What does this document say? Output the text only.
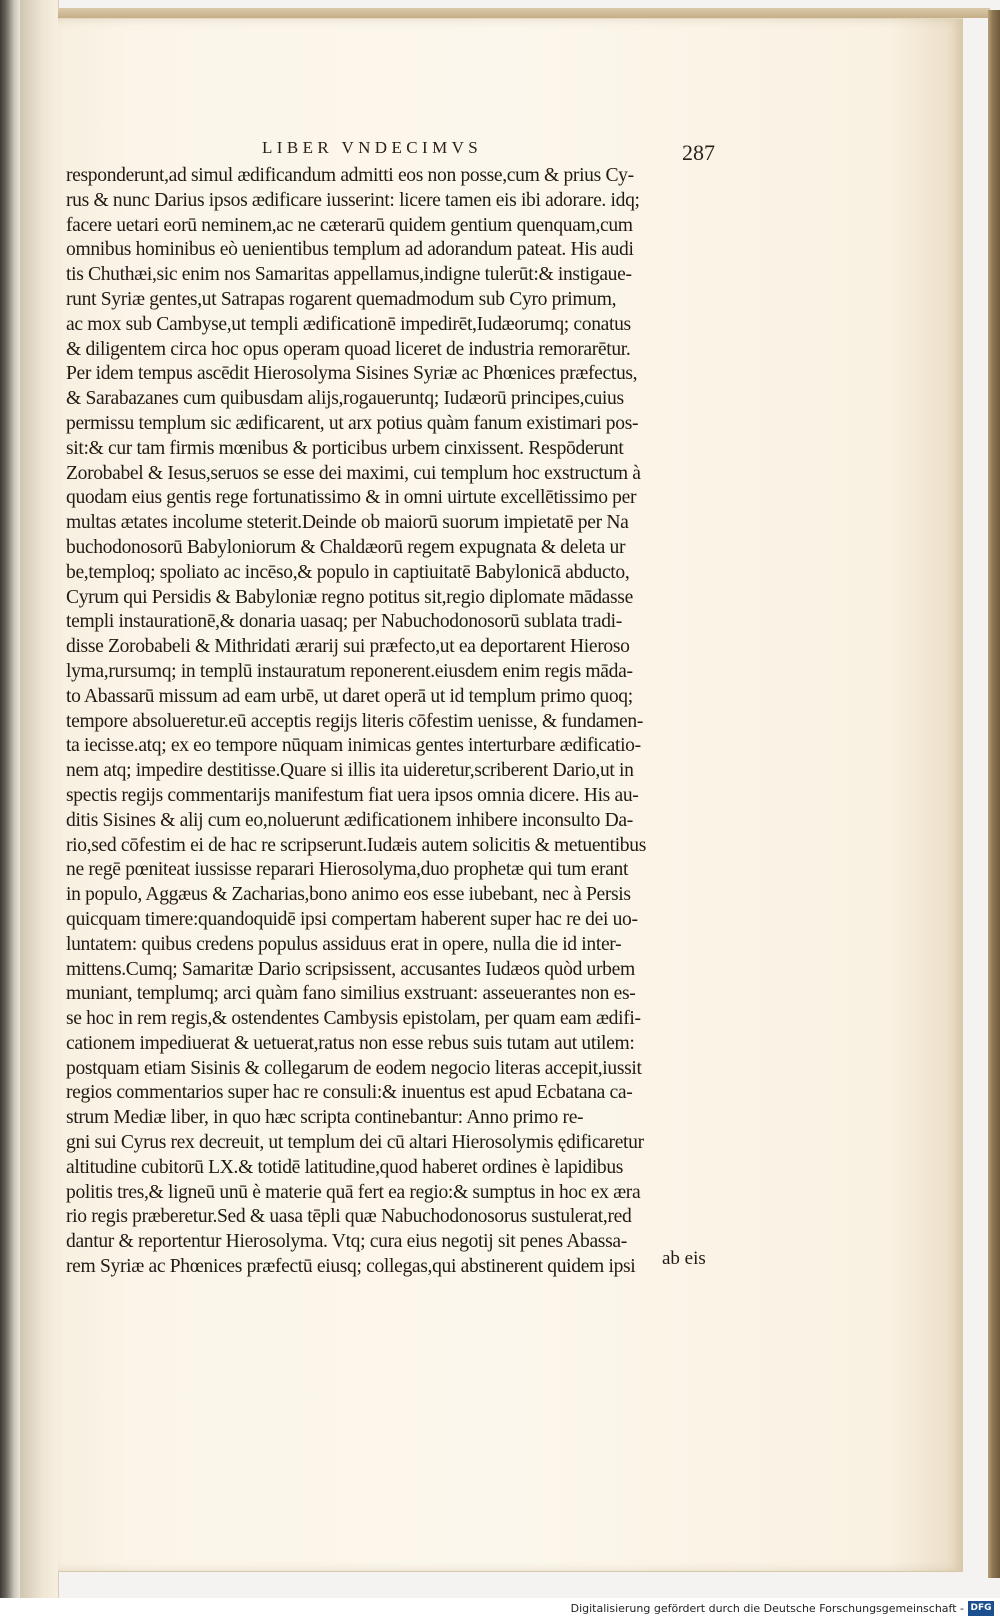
LIBER VNDECIMVS	287
responderunt,ad simul ædificandum admitti eos non posse,cum & prius Cy-
rus & nunc Darius ipsos ædificare iusserint: licere tamen eis ibi adorare. idq;
facere uetari eorū neminem,ac ne cæterarū quidem gentium quenquam,cum
omnibus hominibus eò uenientibus templum ad adorandum pateat. His audi
tis Chuthæi,sic enim nos Samaritas appellamus,indigne tulerūt:& instigaue-
runt Syriæ gentes,ut Satrapas rogarent quemadmodum sub Cyro primum,
ac mox sub Cambyse,ut templi ædificationē impedirēt,Iudæorumq; conatus
& diligentem circa hoc opus operam quoad liceret de industria remorarētur.
Per idem tempus ascēdit Hierosolyma Sisines Syriæ ac Phœnices præfectus,
& Sarabazanes cum quibusdam alijs,rogaueruntq; Iudæorū principes,cuius
permissu templum sic ædificarent, ut arx potius quàm fanum existimari pos-
sit:& cur tam firmis mœnibus & porticibus urbem cinxissent. Respōderunt
Zorobabel & Iesus,seruos se esse dei maximi, cui templum hoc exstructum à
quodam eius gentis rege fortunatissimo & in omni uirtute excellētissimo per
multas ætates incolume steterit.Deinde ob maiorū suorum impietatē per Na
buchodonosorū Babyloniorum & Chaldæorū regem expugnata & deleta ur
be,temploq; spoliato ac incēso,& populo in captiuitatē Babylonicā abducto,
Cyrum qui Persidis & Babyloniæ regno potitus sit,regio diplomate mādasse
templi instaurationē,& donaria uasaq; per Nabuchodonosorū sublata tradi-
disse Zorobabeli & Mithridati ærarij sui præfecto,ut ea deportarent Hieroso
lyma,rursumq; in templū instauratum reponerent.eiusdem enim regis māda-
to Abassarū missum ad eam urbē, ut daret operā ut id templum primo quoq;
tempore absolueretur.eū acceptis regijs literis cōfestim uenisse, & fundamen-
ta iecisse.atq; ex eo tempore nūquam inimicas gentes interturbare ædificatio-
nem atq; impedire destitisse.Quare si illis ita uideretur,scriberent Dario,ut in
spectis regijs commentarijs manifestum fiat uera ipsos omnia dicere. His au-
ditis Sisines & alij cum eo,noluerunt ædificationem inhibere inconsulto Da-
rio,sed cōfestim ei de hac re scripserunt.Iudæis autem solicitis & metuentibus
ne regē pœniteat iussisse reparari Hierosolyma,duo prophetæ qui tum erant
in populo, Aggæus & Zacharias,bono animo eos esse iubebant, nec à Persis
quicquam timere:quandoquidē ipsi compertam haberent super hac re dei uo-
luntatem: quibus credens populus assiduus erat in opere, nulla die id inter-
mittens.Cumq; Samaritæ Dario scripsissent, accusantes Iudæos quòd urbem
muniant, templumq; arci quàm fano similius exstruant: asseuerantes non es-
se hoc in rem regis,& ostendentes Cambysis epistolam, per quam eam ædifi-
cationem impediuerat & uetuerat,ratus non esse rebus suis tutam aut utilem:
postquam etiam Sisinis & collegarum de eodem negocio literas accepit,iussit
regios commentarios super hac re consuli:& inuentus est apud Ecbatana ca-
strum Mediæ liber, in quo hæc scripta continebantur: Anno primo re-
gni sui Cyrus rex decreuit, ut templum dei cū altari Hierosolymis ędificaretur
altitudine cubitorū LX.& totidē latitudine,quod haberet ordines è lapidibus
politis tres,& ligneū unū è materie quā fert ea regio:& sumptus in hoc ex æra
rio regis præberetur.Sed & uasa tēpli quæ Nabuchodonosorus sustulerat,red
dantur & reportentur Hierosolyma. Vtq; cura eius negotij sit penes Abassa-
rem Syriæ ac Phœnices præfectū eiusq; collegas,qui abstinerent quidem ipsi	ab eis
Digitalisierung gefördert durch die Deutsche Forschungsgemeinschaft - DFG
